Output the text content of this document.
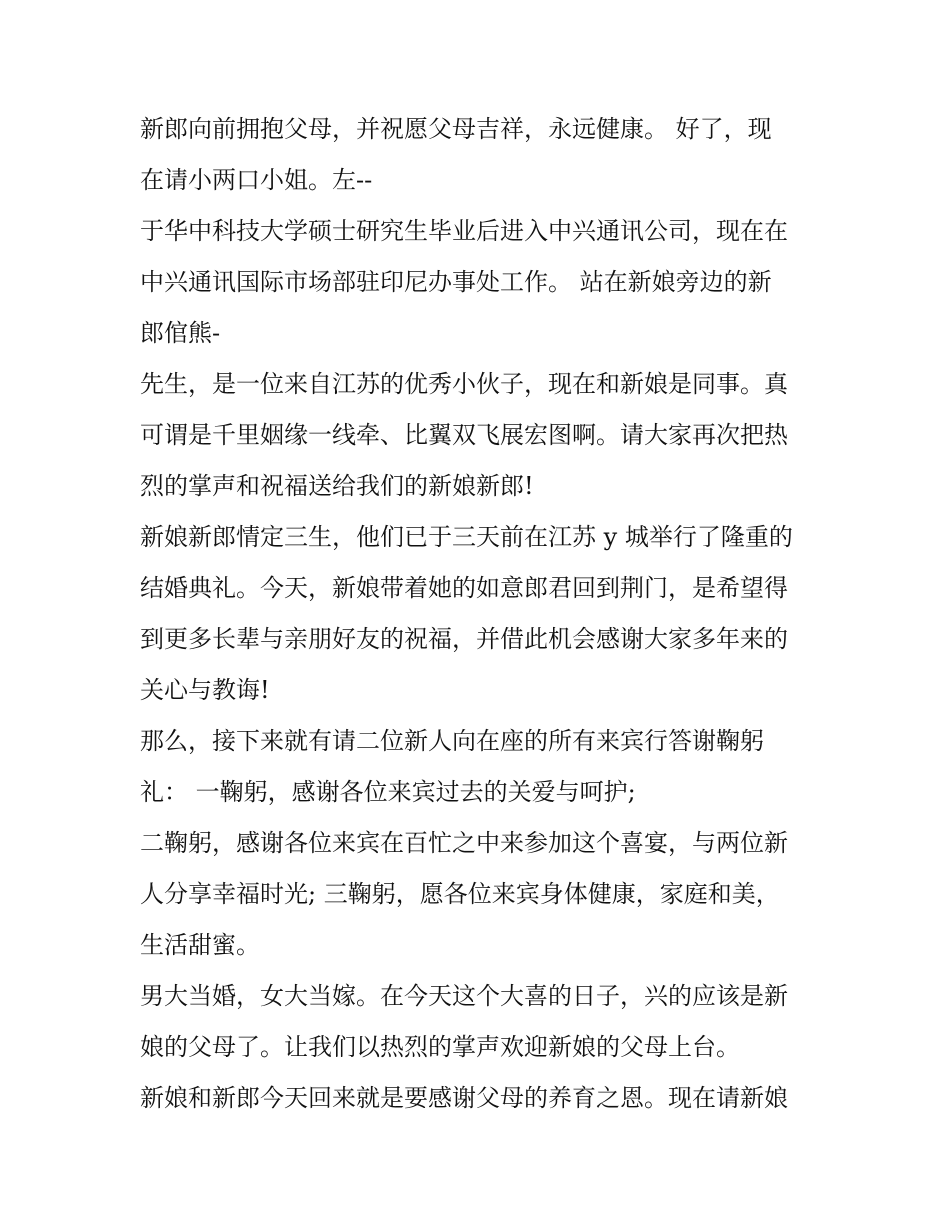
新郎向前拥抱父母，并祝愿父母吉祥，永远健康。 好了，现
在请小两口小姐。左--
于华中科技大学硕士研究生毕业后进入中兴通讯公司，现在在
中兴通讯国际市场部驻印尼办事处工作。 站在新娘旁边的新
郎倌熊-
先生，是一位来自江苏的优秀小伙子，现在和新娘是同事。真
可谓是千里姻缘一线牵、比翼双飞展宏图啊。请大家再次把热
烈的掌声和祝福送给我们的新娘新郎!
新娘新郎情定三生，他们已于三天前在江苏 y 城举行了隆重的
结婚典礼。今天，新娘带着她的如意郎君回到荆门，是希望得
到更多长辈与亲朋好友的祝福，并借此机会感谢大家多年来的
关心与教诲!
那么，接下来就有请二位新人向在座的所有来宾行答谢鞠躬
礼： 一鞠躬，感谢各位来宾过去的关爱与呵护;
二鞠躬，感谢各位来宾在百忙之中来参加这个喜宴，与两位新
人分享幸福时光; 三鞠躬，愿各位来宾身体健康，家庭和美，
生活甜蜜。
男大当婚，女大当嫁。在今天这个大喜的日子，兴的应该是新
娘的父母了。让我们以热烈的掌声欢迎新娘的父母上台。
新娘和新郎今天回来就是要感谢父母的养育之恩。现在请新娘
